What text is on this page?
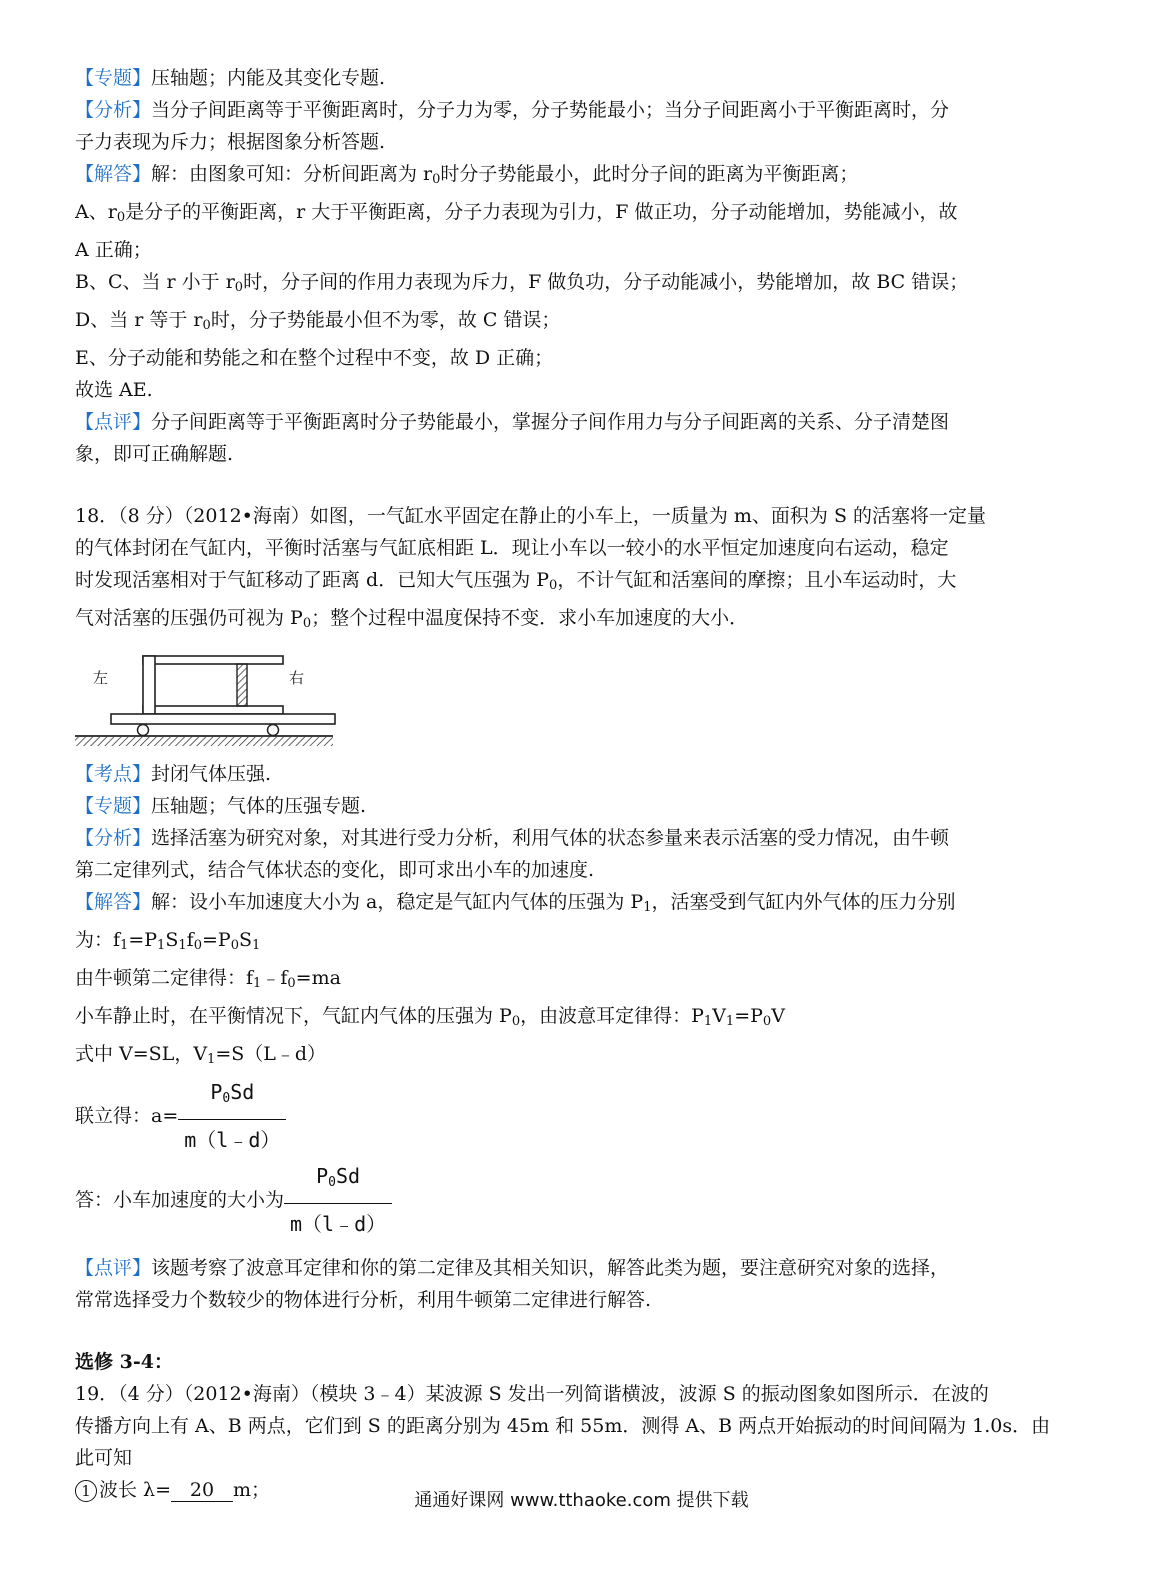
【专题】压轴题；内能及其变化专题.
【分析】当分子间距离等于平衡距离时，分子力为零，分子势能最小；当分子间距离小于平衡距离时，分
子力表现为斥力；根据图象分析答题.
【解答】解：由图象可知：分析间距离为 $r_0$时分子势能最小，此时分子间的距离为平衡距离；
A、$r_0$是分子的平衡距离，r 大于平衡距离，分子力表现为引力，F 做正功，分子动能增加，势能减小，故
A 正确；
B、C、当 r 小于 $r_0$时，分子间的作用力表现为斥力，F 做负功，分子动能减小，势能增加，故 BC 错误；
D、当 r 等于 $r_0$时，分子势能最小但不为零，故 C 错误；
E、分子动能和势能之和在整个过程中不变，故 D 正确；
故选 AE.
【点评】分子间距离等于平衡距离时分子势能最小，掌握分子间作用力与分子间距离的关系、分子清楚图
象，即可正确解题.
18．（8 分）（2012•海南）如图，一气缸水平固定在静止的小车上，一质量为 m、面积为 S 的活塞将一定量
的气体封闭在气缸内，平衡时活塞与气缸底相距 L．现让小车以一较小的水平恒定加速度向右运动，稳定
时发现活塞相对于气缸移动了距离 d．已知大气压强为 $P_0$，不计气缸和活塞间的摩擦；且小车运动时，大
气对活塞的压强仍可视为 $P_0$；整个过程中温度保持不变．求小车加速度的大小．
左	右
【考点】封闭气体压强.
【专题】压轴题；气体的压强专题.
【分析】选择活塞为研究对象，对其进行受力分析，利用气体的状态参量来表示活塞的受力情况，由牛顿
第二定律列式，结合气体状态的变化，即可求出小车的加速度.
【解答】解：设小车加速度大小为 a，稳定是气缸内气体的压强为 $P_1$，活塞受到气缸内外气体的压力分别
为：$f_1=P_1S_1f_0=P_0S_1$
由牛顿第二定律得：$f_1﹣f_0=ma$
小车静止时，在平衡情况下，气缸内气体的压强为 $P_0$，由波意耳定律得：$P_1V_1=P_0V$
式中 V=SL，$V_1=S(L﹣d)$
联立得：$a= \frac{P_0Sd}{m(l﹣d)}$
答：小车加速度的大小为 $\frac{P_0Sd}{m(l﹣d)}$
【点评】该题考察了波意耳定律和你的第二定律及其相关知识，解答此类为题，要注意研究对象的选择，
常常选择受力个数较少的物体进行分析，利用牛顿第二定律进行解答.
选修 3-4：
19．（4 分）（2012•海南）（模块 3﹣4）某波源 S 发出一列简谐横波，波源 S 的振动图象如图所示．在波的
传播方向上有 A、B 两点，它们到 S 的距离分别为 45m 和 55m．测得 A、B 两点开始振动的时间间隔为 1.0s．由
此可知
1 波长 λ= 20 m；	通通好课网 www.tthaoke.com 提供下载
